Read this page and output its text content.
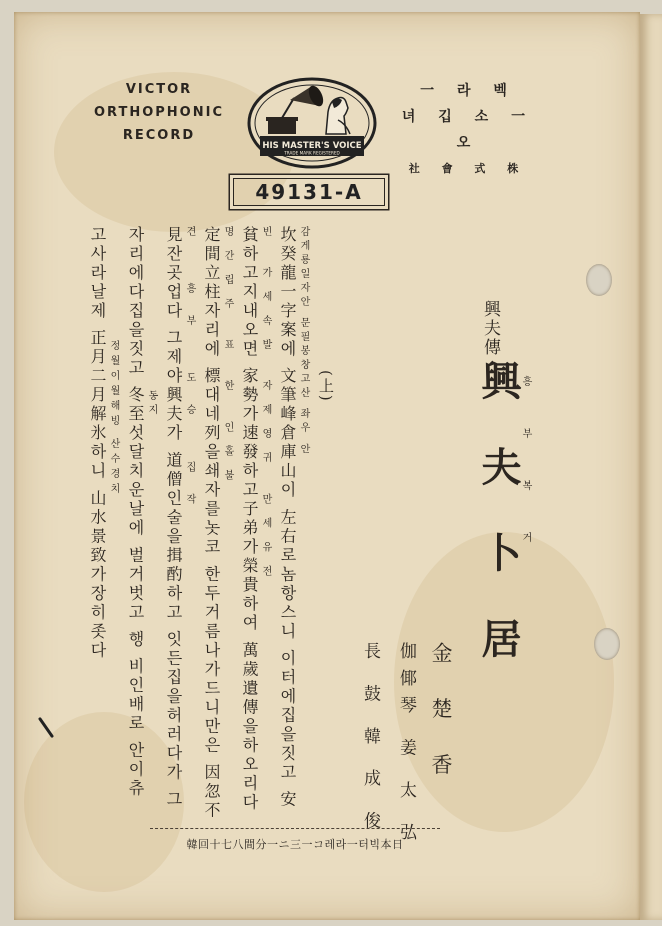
VICTOR
ORTHOPHONIC
RECORD
HIS MASTER'S VOICE
TRADE MARK REGISTERED
一 라 벡
녀 깁 소 一 오
社 會 式 株
49131-A
興夫傳
興 夫 卜 居
흥부복거
金 楚 香
伽倻琴 姜 太 弘
長 鼓 韓 成 俊
(上)
坎癸龍一字案에 文筆峰倉庫山이 左右로놈항스니 이터에집을짓고 安 감게룡일자안 문필봉창고산 좌우 안
貧하고지내오면 家勢가速發하고子弟가榮貴하여 萬歲遺傳을하오리다 빈 가세속발 자제영귀 만세유전
定間立柱자리에 標대네列을쇄자를놋코 한두거름나가드니만은 因忽不 명간립주 표 한 인홀불
見잔곳업다 그제야興夫가 道僧인술을揖酌하고 잇든집을허러다가 그 견 흥부 도승 집작
자리에다집을짓고 冬至섯달치운날에 벌거벗고 행 비인배로 안이츄 동지
고사라날제 正月二月解氷하니 山水景致가장히좃다 정월이월해빙 산수경치
韓回十七八間分一ニ三一コ레라一터빅本日
